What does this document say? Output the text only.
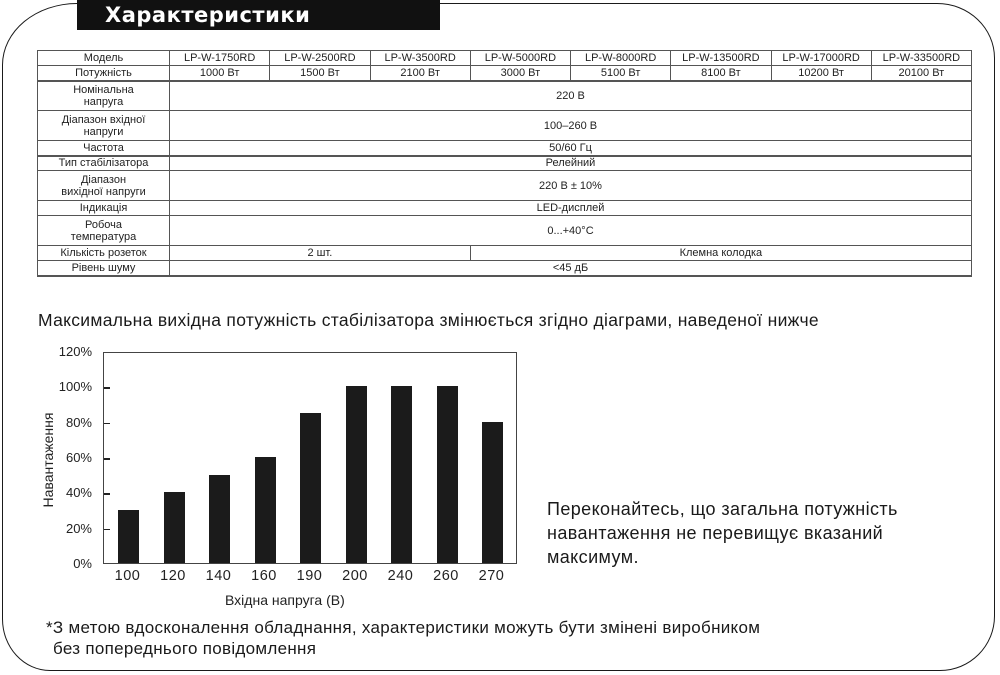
Характеристики
Модель	LP-W-1750RD	LP-W-2500RD	LP-W-3500RD	LP-W-5000RD	LP-W-8000RD	LP-W-13500RD	LP-W-17000RD	LP-W-33500RD
Потужність	1000 Вт	1500 Вт	2100 Вт	3000 Вт	5100 Вт	8100 Вт	10200 Вт	20100 Вт
Номінальна
напруга	220 В							
Діапазон вхідної
напруги	100–260 В							
Частота	50/60 Гц							
Тип стабілізатора	Релейний							
Діапазон
вихідної напруги	220 В ± 10%							
Індикація	LED-дисплей							
Робоча
температура	0...+40°C							
Кількість розеток	2 шт.			Клемна колодка				
Рівень шуму	<45 дБ							
Максимальна вихідна потужність стабілізатора змінюється згідно діаграми, наведеної нижче
Навантаження
0%
20%
40%
60%
80%
100%
120%
100	120	140	160	190	200	240	260	270
Вхідна напруга (В)
Переконайтесь, що загальна потужність
навантаження не перевищує вказаний
максимум.
*З метою вдосконалення обладнання, характеристики можуть бути змінені виробником
без попереднього повідомлення
